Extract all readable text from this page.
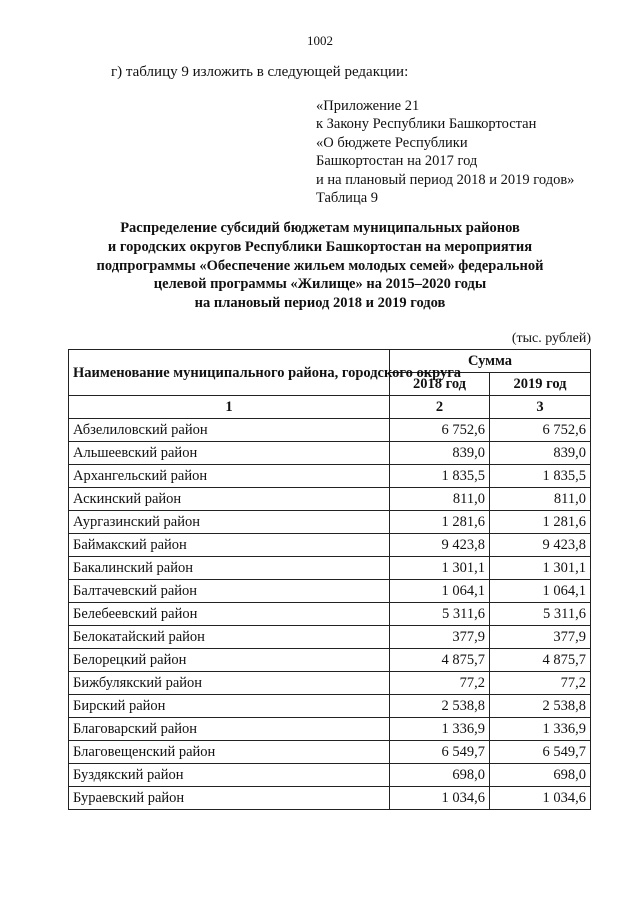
1002
г) таблицу 9 изложить в следующей редакции:
«Приложение 21
к Закону Республики Башкортостан
«О бюджете Республики
Башкортостан на 2017 год
и на плановый период 2018 и 2019 годов»
Таблица 9
Распределение субсидий бюджетам муниципальных районов
и городских округов Республики Башкортостан на мероприятия
подпрограммы «Обеспечение жильем молодых семей» федеральной
целевой программы «Жилище» на 2015–2020 годы
на плановый период 2018 и 2019 годов
(тыс. рублей)
Наименование муниципального района, городского округа	Сумма	
	2018 год	2019 год
1	2	3
Абзелиловский район	6 752,6	6 752,6
Альшеевский район	839,0	839,0
Архангельский район	1 835,5	1 835,5
Аскинский район	811,0	811,0
Аургазинский район	1 281,6	1 281,6
Баймакский район	9 423,8	9 423,8
Бакалинский район	1 301,1	1 301,1
Балтачевский район	1 064,1	1 064,1
Белебеевский район	5 311,6	5 311,6
Белокатайский район	377,9	377,9
Белорецкий район	4 875,7	4 875,7
Бижбулякский район	77,2	77,2
Бирский район	2 538,8	2 538,8
Благоварский район	1 336,9	1 336,9
Благовещенский район	6 549,7	6 549,7
Буздякский район	698,0	698,0
Бураевский район	1 034,6	1 034,6
